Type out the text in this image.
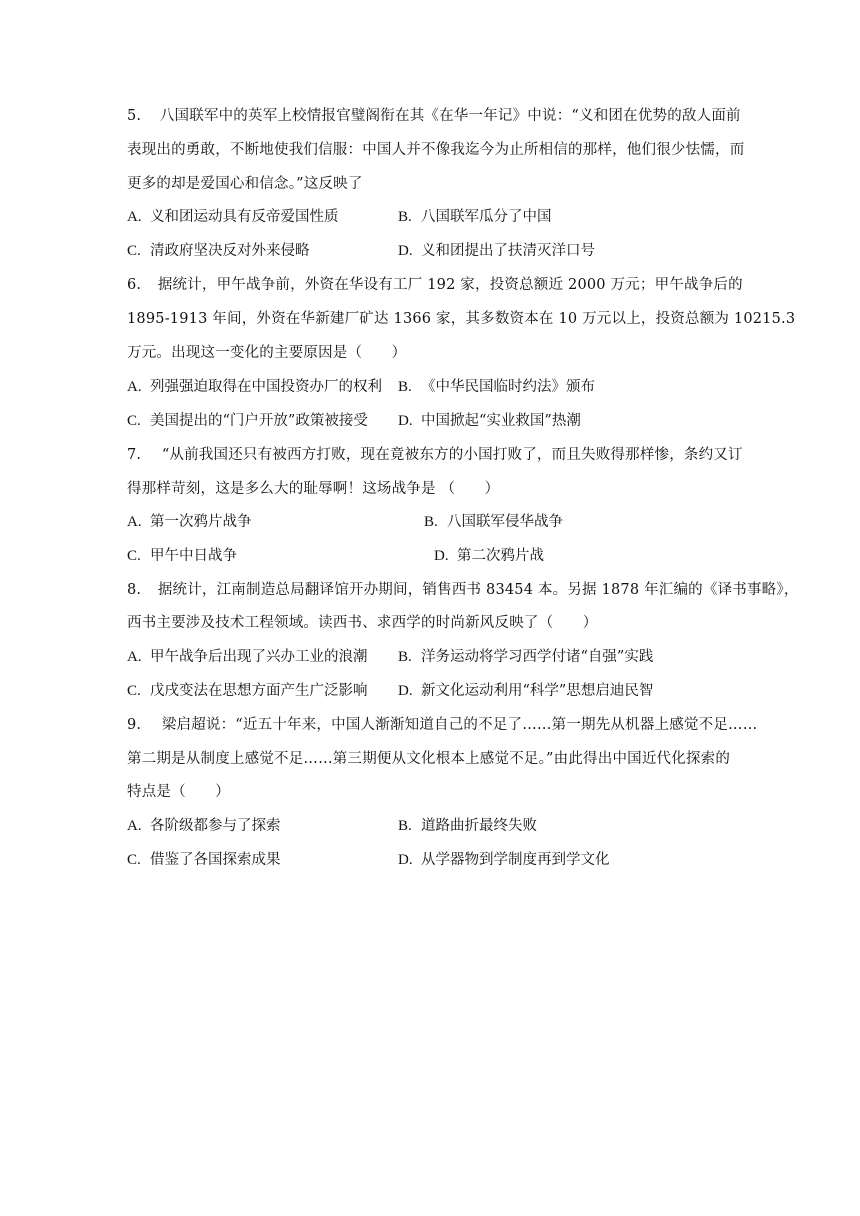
5. 八国联军中的英军上校情报官璧阁衔在其《在华一年记》中说：“义和团在优势的敌人面前
表现出的勇敢，不断地使我们信服：中国人并不像我迄今为止所相信的那样，他们很少怯懦，而
更多的却是爱国心和信念。”这反映了
A. 义和团运动具有反帝爱国性质	B. 八国联军瓜分了中国
C. 清政府坚决反对外来侵略	D. 义和团提出了扶清灭洋口号
6. 据统计，甲午战争前，外资在华设有工厂 192 家，投资总额近 2000 万元；甲午战争后的
1895-1913 年间，外资在华新建厂矿达 1366 家，其多数资本在 10 万元以上，投资总额为 10215.3
万元。出现这一变化的主要原因是（　　）
A. 列强强迫取得在中国投资办厂的权利 B. 《中华民国临时约法》颁布
C. 美国提出的“门户开放”政策被接受 D. 中国掀起“实业救国”热潮
7. “从前我国还只有被西方打败，现在竟被东方的小国打败了，而且失败得那样惨，条约又订
得那样苛刻，这是多么大的耻辱啊！这场战争是 （　　）
A. 第一次鸦片战争	B. 八国联军侵华战争
C. 甲午中日战争	D. 第二次鸦片战
8. 据统计，江南制造总局翻译馆开办期间，销售西书 83454 本。另据 1878 年汇编的《译书事略》，
西书主要涉及技术工程领域。读西书、求西学的时尚新风反映了（　　）
A. 甲午战争后出现了兴办工业的浪潮 B. 洋务运动将学习西学付诸“自强”实践
C. 戊戌变法在思想方面产生广泛影响 D. 新文化运动利用“科学”思想启迪民智
9. 梁启超说：“近五十年来，中国人渐渐知道自己的不足了……第一期先从机器上感觉不足……
第二期是从制度上感觉不足……第三期便从文化根本上感觉不足。”由此得出中国近代化探索的
特点是（　　）
A. 各阶级都参与了探索	B. 道路曲折最终失败
C. 借鉴了各国探索成果	D. 从学器物到学制度再到学文化
